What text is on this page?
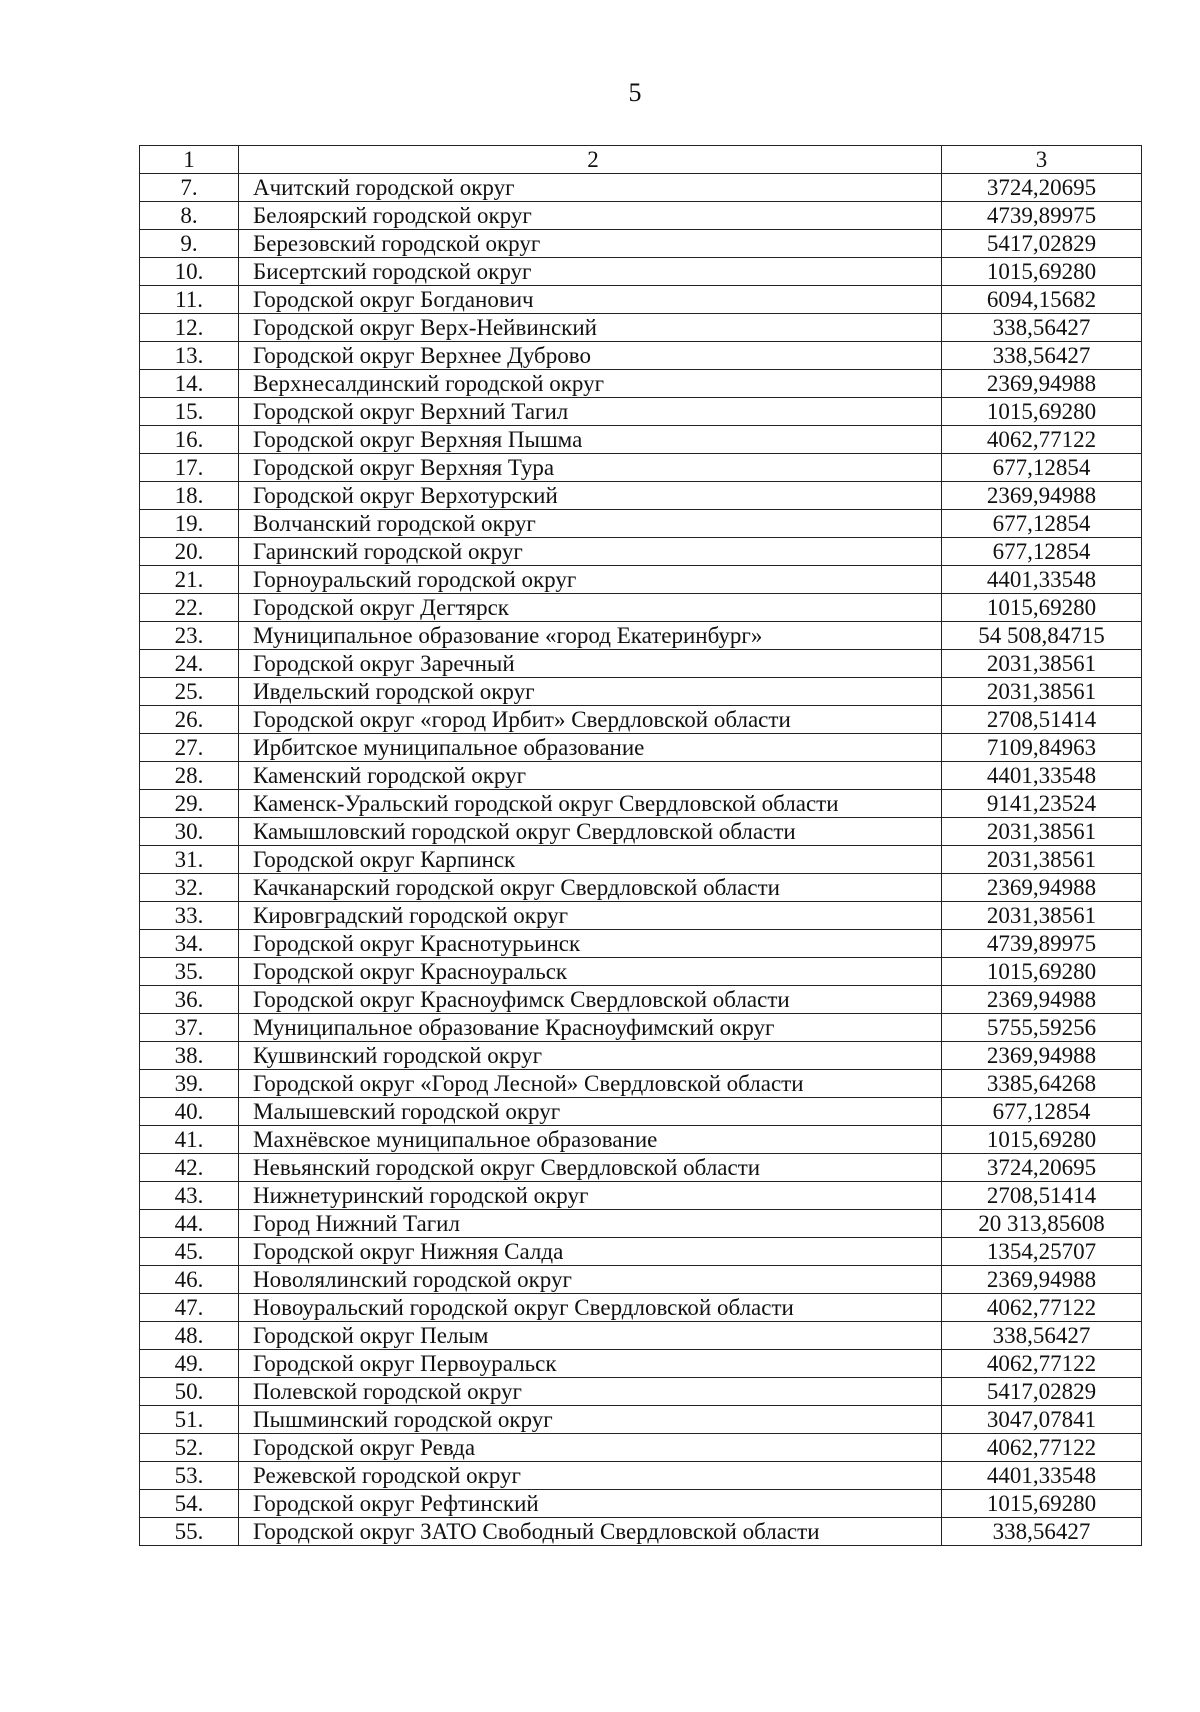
5
1	2	3
7.	Ачитский городской округ	3724,20695
8.	Белоярский городской округ	4739,89975
9.	Березовский городской округ	5417,02829
10.	Бисертский городской округ	1015,69280
11.	Городской округ Богданович	6094,15682
12.	Городской округ Верх-Нейвинский	338,56427
13.	Городской округ Верхнее Дуброво	338,56427
14.	Верхнесалдинский городской округ	2369,94988
15.	Городской округ Верхний Тагил	1015,69280
16.	Городской округ Верхняя Пышма	4062,77122
17.	Городской округ Верхняя Тура	677,12854
18.	Городской округ Верхотурский	2369,94988
19.	Волчанский городской округ	677,12854
20.	Гаринский городской округ	677,12854
21.	Горноуральский городской округ	4401,33548
22.	Городской округ Дегтярск	1015,69280
23.	Муниципальное образование «город Екатеринбург»	54 508,84715
24.	Городской округ Заречный	2031,38561
25.	Ивдельский городской округ	2031,38561
26.	Городской округ «город Ирбит» Свердловской области	2708,51414
27.	Ирбитское муниципальное образование	7109,84963
28.	Каменский городской округ	4401,33548
29.	Каменск-Уральский городской округ Свердловской области	9141,23524
30.	Камышловский городской округ Свердловской области	2031,38561
31.	Городской округ Карпинск	2031,38561
32.	Качканарский городской округ Свердловской области	2369,94988
33.	Кировградский городской округ	2031,38561
34.	Городской округ Краснотурьинск	4739,89975
35.	Городской округ Красноуральск	1015,69280
36.	Городской округ Красноуфимск Свердловской области	2369,94988
37.	Муниципальное образование Красноуфимский округ	5755,59256
38.	Кушвинский городской округ	2369,94988
39.	Городской округ «Город Лесной» Свердловской области	3385,64268
40.	Малышевский городской округ	677,12854
41.	Махнёвское муниципальное образование	1015,69280
42.	Невьянский городской округ Свердловской области	3724,20695
43.	Нижнетуринский городской округ	2708,51414
44.	Город Нижний Тагил	20 313,85608
45.	Городской округ Нижняя Салда	1354,25707
46.	Новолялинский городской округ	2369,94988
47.	Новоуральский городской округ Свердловской области	4062,77122
48.	Городской округ Пелым	338,56427
49.	Городской округ Первоуральск	4062,77122
50.	Полевской городской округ	5417,02829
51.	Пышминский городской округ	3047,07841
52.	Городской округ Ревда	4062,77122
53.	Режевской городской округ	4401,33548
54.	Городской округ Рефтинский	1015,69280
55.	Городской округ ЗАТО Свободный Свердловской области	338,56427
